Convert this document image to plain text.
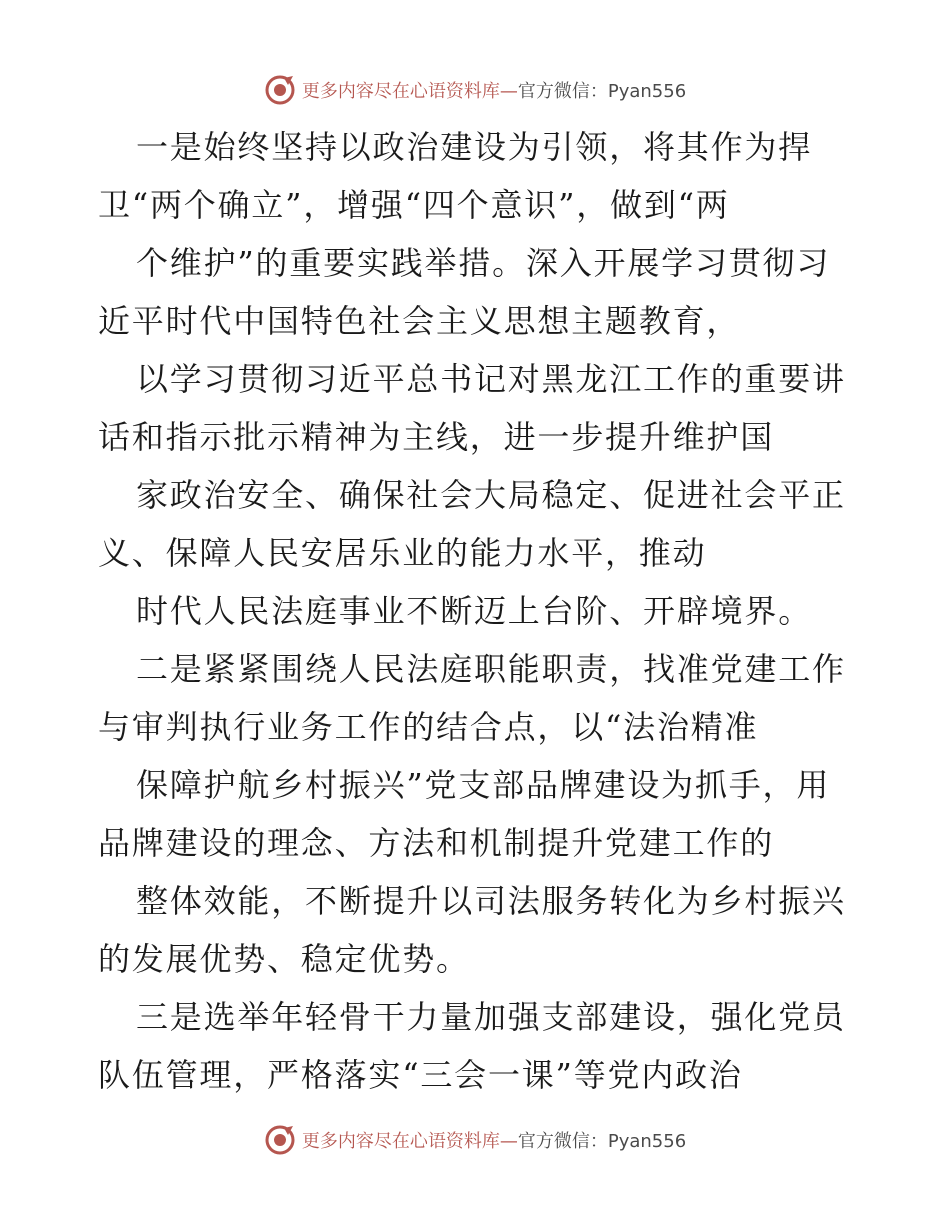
更多内容尽在心语资料库—官方微信：Pyan556
一是始终坚持以政治建设为引领，将其作为捍
卫“两个确立”，增强“四个意识”，做到“两
个维护”的重要实践举措。深入开展学习贯彻习
近平时代中国特色社会主义思想主题教育，
以学习贯彻习近平总书记对黑龙江工作的重要讲
话和指示批示精神为主线，进一步提升维护国
家政治安全、确保社会大局稳定、促进社会平正
义、保障人民安居乐业的能力水平，推动
时代人民法庭事业不断迈上台阶、开辟境界。
二是紧紧围绕人民法庭职能职责，找准党建工作
与审判执行业务工作的结合点，以“法治精准
保障护航乡村振兴”党支部品牌建设为抓手，用
品牌建设的理念、方法和机制提升党建工作的
整体效能，不断提升以司法服务转化为乡村振兴
的发展优势、稳定优势。
三是选举年轻骨干力量加强支部建设，强化党员
队伍管理，严格落实“三会一课”等党内政治
更多内容尽在心语资料库—官方微信：Pyan556
